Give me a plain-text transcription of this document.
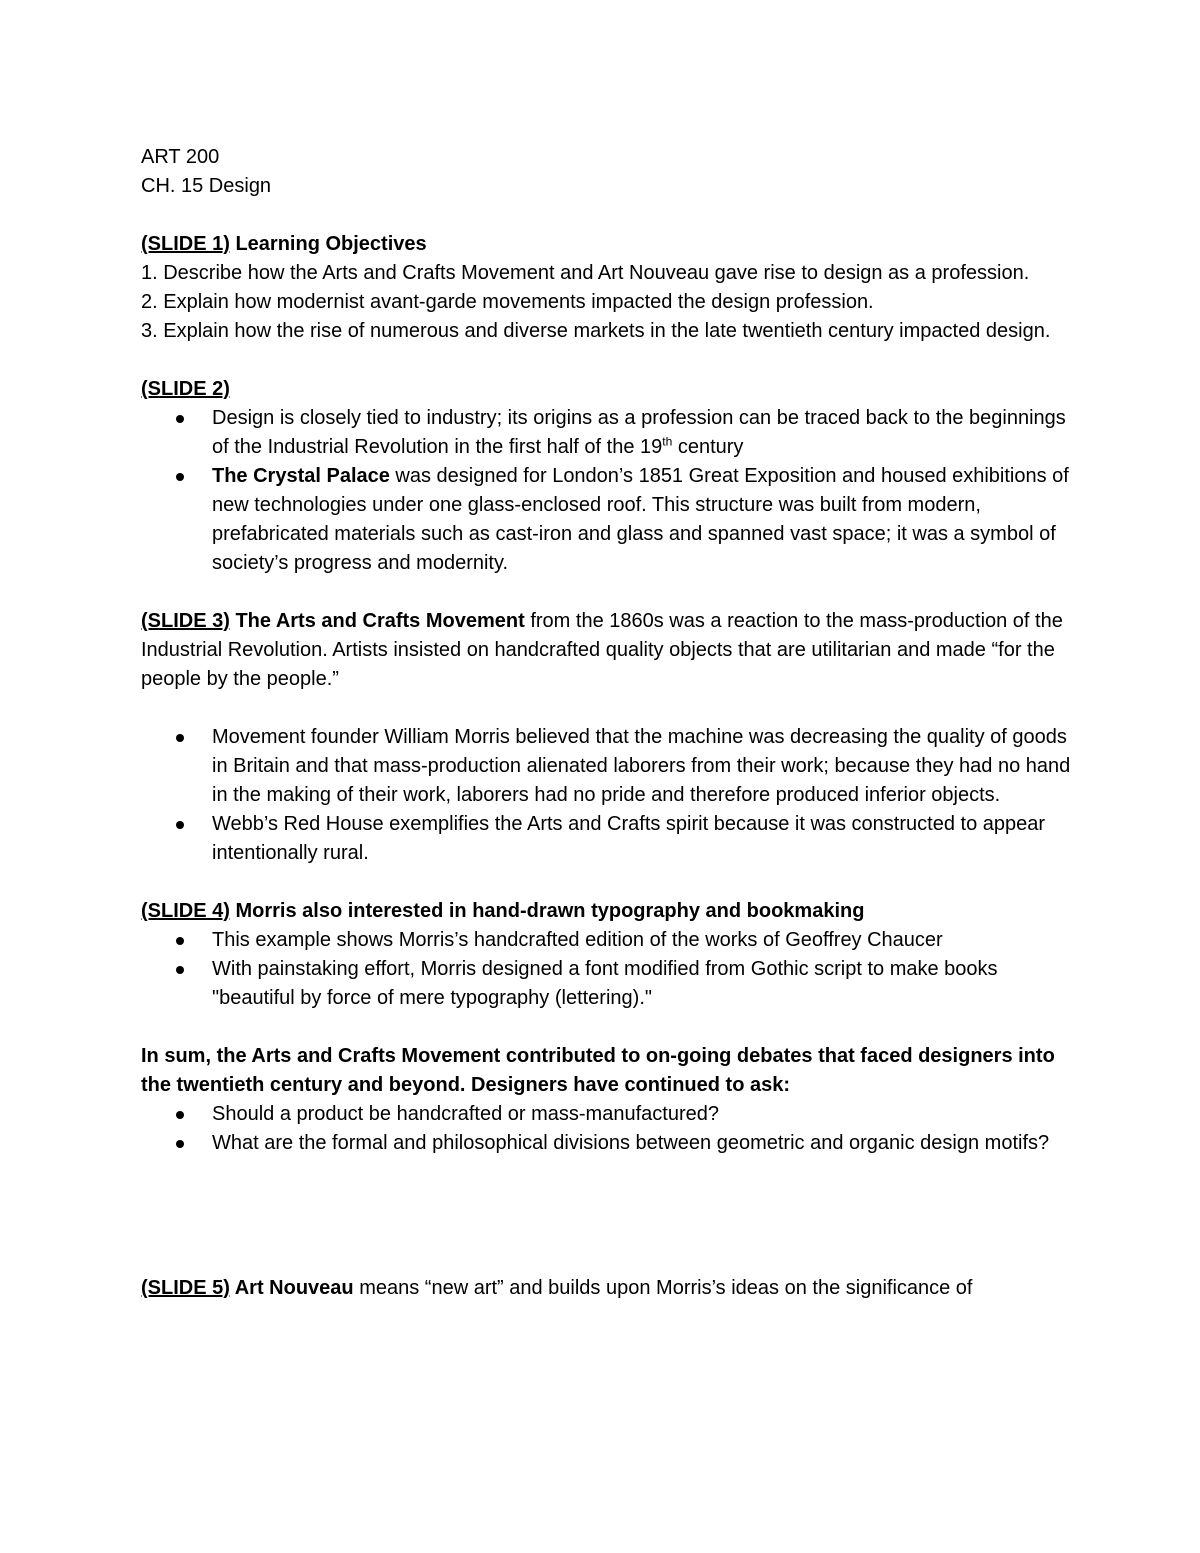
ART 200

CH. 15 Design

(SLIDE 1) Learning Objectives

1. Describe how the Arts and Crafts Movement and Art Nouveau gave rise to design as a profession.

2. Explain how modernist avant-garde movements impacted the design profession.

3. Explain how the rise of numerous and diverse markets in the late twentieth century impacted design.

(SLIDE 2)

Design is closely tied to industry; its origins as a profession can be traced back to the beginnings of the Industrial Revolution in the first half of the 19th century
The Crystal Palace was designed for London’s 1851 Great Exposition and housed exhibitions of new technologies under one glass-enclosed roof. This structure was built from modern, prefabricated materials such as cast-iron and glass and spanned vast space; it was a symbol of society’s progress and modernity.

(SLIDE 3) The Arts and Crafts Movement from the 1860s was a reaction to the mass-production of the Industrial Revolution. Artists insisted on handcrafted quality objects that are utilitarian and made “for the people by the people.”

Movement founder William Morris believed that the machine was decreasing the quality of goods in Britain and that mass-production alienated laborers from their work; because they had no hand in the making of their work, laborers had no pride and therefore produced inferior objects.
Webb’s Red House exemplifies the Arts and Crafts spirit because it was constructed to appear intentionally rural.

(SLIDE 4) Morris also interested in hand-drawn typography and bookmaking

This example shows Morris’s handcrafted edition of the works of Geoffrey Chaucer
With painstaking effort, Morris designed a font modified from Gothic script to make books "beautiful by force of mere typography (lettering)."

In sum, the Arts and Crafts Movement contributed to on-going debates that faced designers into the twentieth century and beyond. Designers have continued to ask:

Should a product be handcrafted or mass-manufactured?
What are the formal and philosophical divisions between geometric and organic design motifs?

(SLIDE 5) Art Nouveau means “new art” and builds upon Morris’s ideas on the significance of
